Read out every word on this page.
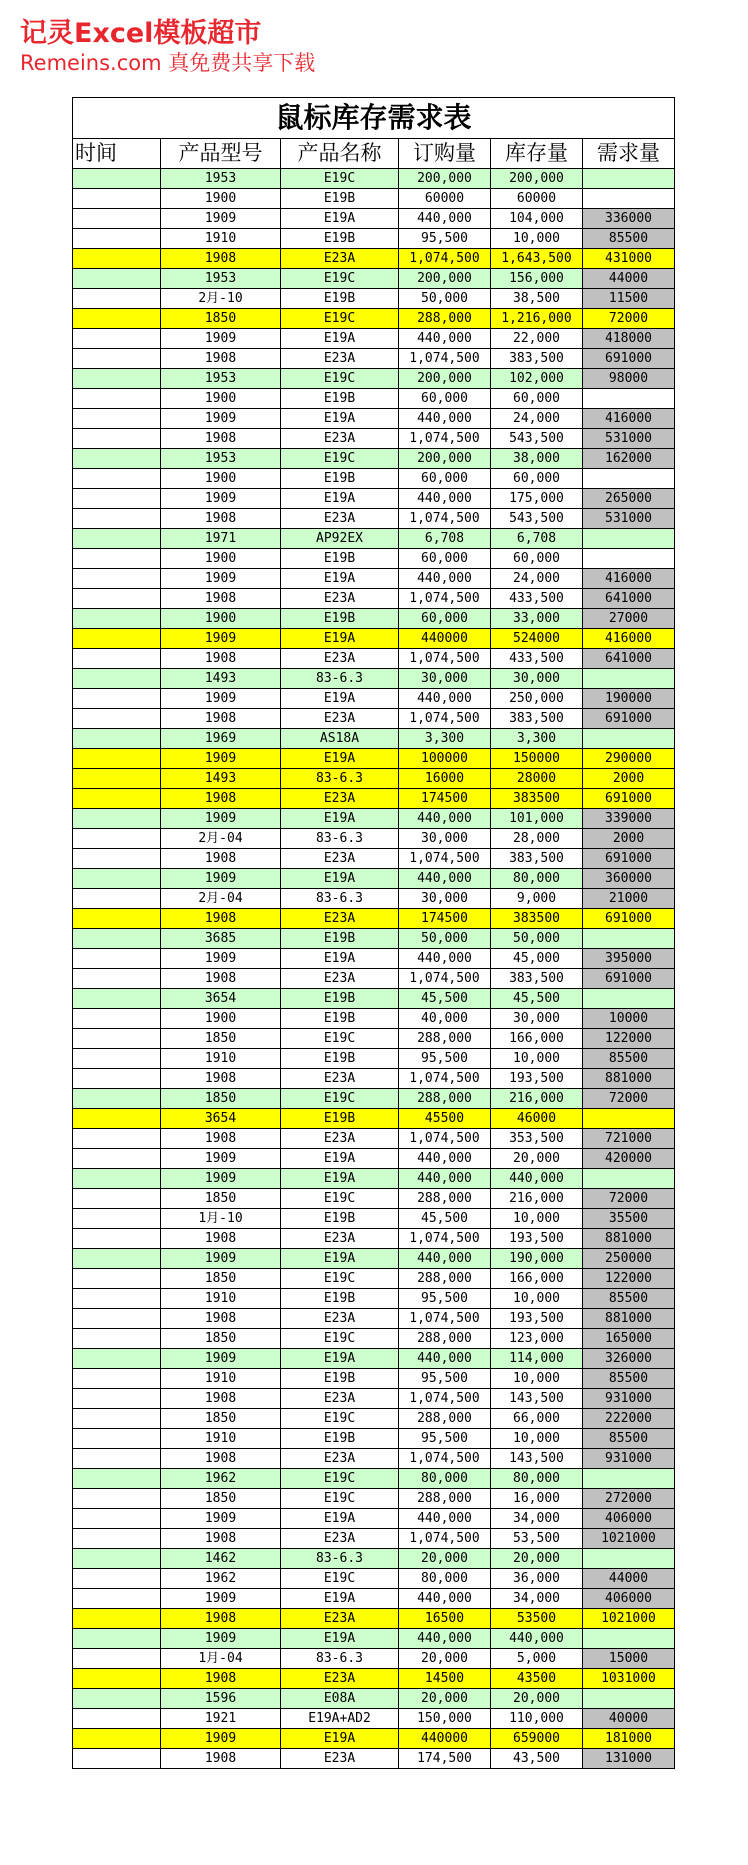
记灵Excel模板超市
Remeins.com 真免费共享下载
鼠标库存需求表					
时间	产品型号	产品名称	订购量	库存量	需求量
	1953	E19C	200,000	200,000	
	1900	E19B	60000	60000	
	1909	E19A	440,000	104,000	336000
	1910	E19B	95,500	10,000	85500
	1908	E23A	1,074,500	1,643,500	431000
	1953	E19C	200,000	156,000	44000
	2月-10	E19B	50,000	38,500	11500
	1850	E19C	288,000	1,216,000	72000
	1909	E19A	440,000	22,000	418000
	1908	E23A	1,074,500	383,500	691000
	1953	E19C	200,000	102,000	98000
	1900	E19B	60,000	60,000	
	1909	E19A	440,000	24,000	416000
	1908	E23A	1,074,500	543,500	531000
	1953	E19C	200,000	38,000	162000
	1900	E19B	60,000	60,000	
	1909	E19A	440,000	175,000	265000
	1908	E23A	1,074,500	543,500	531000
	1971	AP92EX	6,708	6,708	
	1900	E19B	60,000	60,000	
	1909	E19A	440,000	24,000	416000
	1908	E23A	1,074,500	433,500	641000
	1900	E19B	60,000	33,000	27000
	1909	E19A	440000	524000	416000
	1908	E23A	1,074,500	433,500	641000
	1493	83-6.3	30,000	30,000	
	1909	E19A	440,000	250,000	190000
	1908	E23A	1,074,500	383,500	691000
	1969	AS18A	3,300	3,300	
	1909	E19A	100000	150000	290000
	1493	83-6.3	16000	28000	2000
	1908	E23A	174500	383500	691000
	1909	E19A	440,000	101,000	339000
	2月-04	83-6.3	30,000	28,000	2000
	1908	E23A	1,074,500	383,500	691000
	1909	E19A	440,000	80,000	360000
	2月-04	83-6.3	30,000	9,000	21000
	1908	E23A	174500	383500	691000
	3685	E19B	50,000	50,000	
	1909	E19A	440,000	45,000	395000
	1908	E23A	1,074,500	383,500	691000
	3654	E19B	45,500	45,500	
	1900	E19B	40,000	30,000	10000
	1850	E19C	288,000	166,000	122000
	1910	E19B	95,500	10,000	85500
	1908	E23A	1,074,500	193,500	881000
	1850	E19C	288,000	216,000	72000
	3654	E19B	45500	46000	
	1908	E23A	1,074,500	353,500	721000
	1909	E19A	440,000	20,000	420000
	1909	E19A	440,000	440,000	
	1850	E19C	288,000	216,000	72000
	1月-10	E19B	45,500	10,000	35500
	1908	E23A	1,074,500	193,500	881000
	1909	E19A	440,000	190,000	250000
	1850	E19C	288,000	166,000	122000
	1910	E19B	95,500	10,000	85500
	1908	E23A	1,074,500	193,500	881000
	1850	E19C	288,000	123,000	165000
	1909	E19A	440,000	114,000	326000
	1910	E19B	95,500	10,000	85500
	1908	E23A	1,074,500	143,500	931000
	1850	E19C	288,000	66,000	222000
	1910	E19B	95,500	10,000	85500
	1908	E23A	1,074,500	143,500	931000
	1962	E19C	80,000	80,000	
	1850	E19C	288,000	16,000	272000
	1909	E19A	440,000	34,000	406000
	1908	E23A	1,074,500	53,500	1021000
	1462	83-6.3	20,000	20,000	
	1962	E19C	80,000	36,000	44000
	1909	E19A	440,000	34,000	406000
	1908	E23A	16500	53500	1021000
	1909	E19A	440,000	440,000	
	1月-04	83-6.3	20,000	5,000	15000
	1908	E23A	14500	43500	1031000
	1596	E08A	20,000	20,000	
	1921	E19A+AD2	150,000	110,000	40000
	1909	E19A	440000	659000	181000
	1908	E23A	174,500	43,500	131000
